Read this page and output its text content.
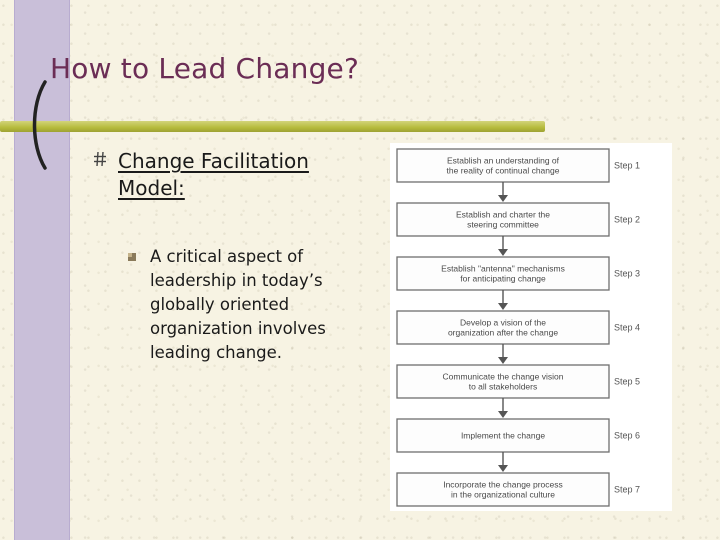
How to Lead Change?
Change Facilitation Model:
A critical aspect of leadership in today’s globally oriented organization involves leading change.
Establish an understanding of
the reality of continual change	Step 1
Establish and charter the
steering committee	Step 2
Establish "antenna" mechanisms
for anticipating change	Step 3
Develop a vision of the
organization after the change	Step 4
Communicate the change vision
to all stakeholders	Step 5
Implement the change	Step 6
Incorporate the change process
in the organizational culture	Step 7
